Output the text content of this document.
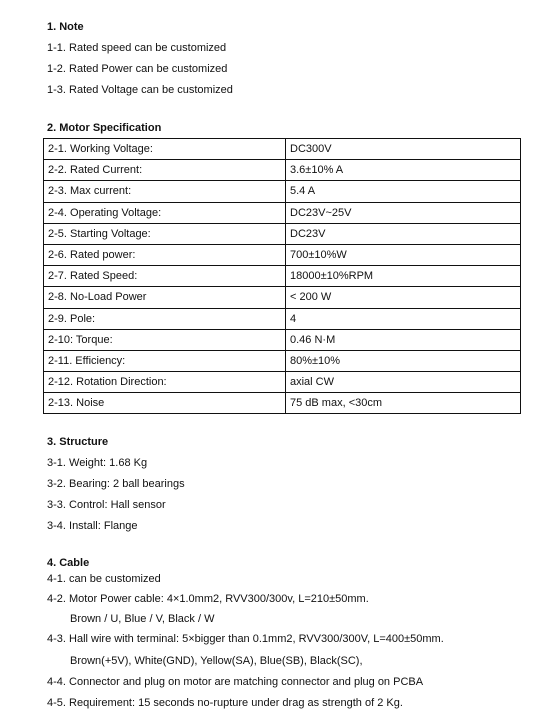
1. Note
1-1. Rated speed can be customized
1-2. Rated Power can be customized
1-3. Rated Voltage can be customized
2. Motor Specification
2-1. Working Voltage:	DC300V
2-2. Rated Current:	3.6±10% A
2-3. Max current:	5.4 A
2-4. Operating Voltage:	DC23V~25V
2-5. Starting Voltage:	DC23V
2-6. Rated power:	700±10%W
2-7. Rated Speed:	18000±10%RPM
2-8. No-Load Power	< 200 W
2-9. Pole:	4
2-10: Torque:	0.46 N·M
2-11. Efficiency:	80%±10%
2-12. Rotation Direction:	axial CW
2-13. Noise	75 dB max, <30cm
3. Structure
3-1. Weight: 1.68 Kg
3-2. Bearing: 2 ball bearings
3-3. Control: Hall sensor
3-4. Install: Flange
4. Cable
4-1. can be customized
4-2. Motor Power cable: 4×1.0mm2, RVV300/300v, L=210±50mm.
Brown / U, Blue / V, Black / W
4-3. Hall wire with terminal: 5×bigger than 0.1mm2, RVV300/300V, L=400±50mm.
Brown(+5V), White(GND), Yellow(SA), Blue(SB), Black(SC),
4-4. Connector and plug on motor are matching connector and plug on PCBA
4-5. Requirement: 15 seconds no-rupture under drag as strength of 2 Kg.
